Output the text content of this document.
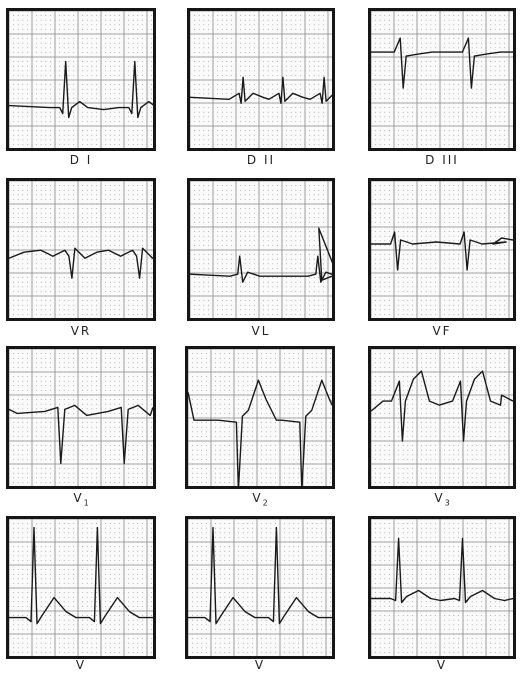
D I	D II	D III
VR	VL	VF
$V_1$	$V_2$	$V_3$
V	V	V
